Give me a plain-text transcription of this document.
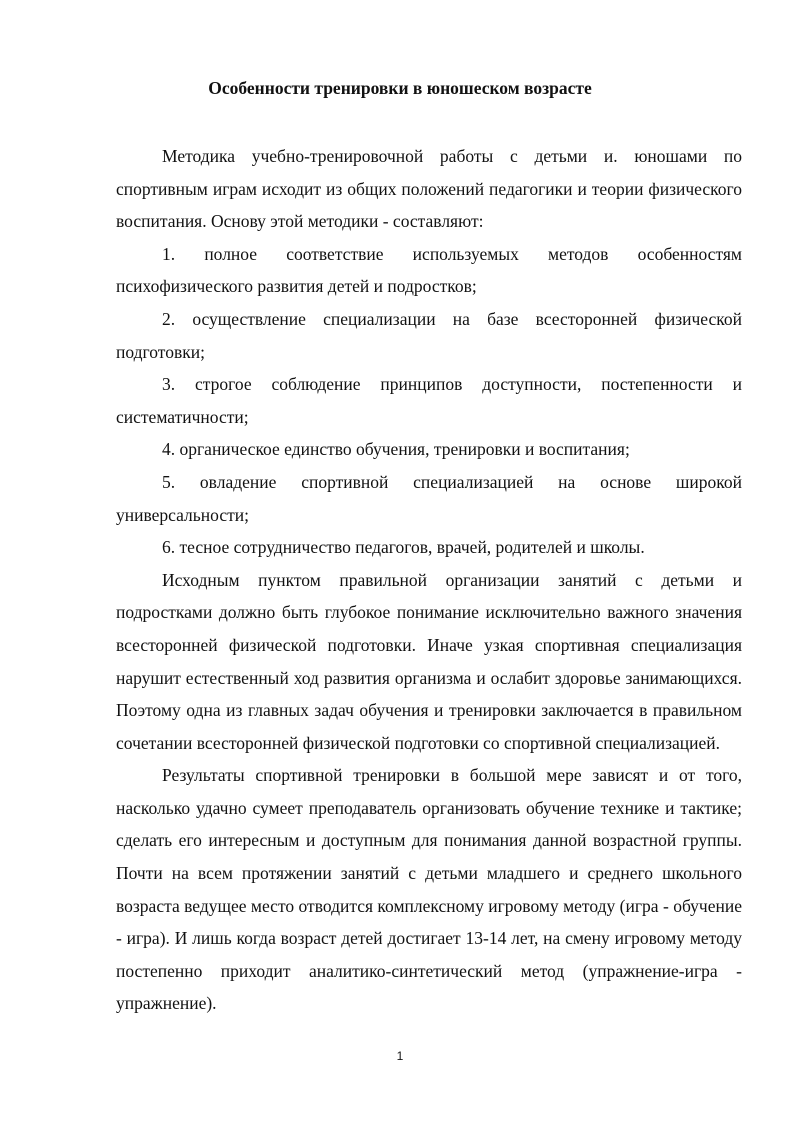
Особенности тренировки в юношеском возрасте

Методика учебно-тренировочной работы с детьми и. юношами по спортивным играм исходит из общих положений педагогики и теории физического воспитания. Основу этой методики - составляют:

1. полное соответствие используемых методов особенностям психофизического развития детей и подростков;

2. осуществление специализации на базе всесторонней физической подготовки;

3. строгое соблюдение принципов доступности, постепенности и систематичности;

4. органическое единство обучения, тренировки и воспитания;

5. овладение спортивной специализацией на основе широкой универсальности;

6. тесное сотрудничество педагогов, врачей, родителей и школы.

Исходным пунктом правильной организации занятий с детьми и подростками должно быть глубокое понимание исключительно важного значения всесторонней физической подготовки. Иначе узкая спортивная специализация нарушит естественный ход развития организма и ослабит здоровье занимающихся. Поэтому одна из главных задач обучения и тренировки заключается в правильном сочетании всесторонней физической подготовки со спортивной специализацией.

Результаты спортивной тренировки в большой мере зависят и от того, насколько удачно сумеет преподаватель организовать обучение технике и тактике; сделать его интересным и доступным для понимания данной возрастной группы. Почти на всем протяжении занятий с детьми младшего и среднего школьного возраста ведущее место отводится комплексному игровому методу (игра - обучение - игра). И лишь когда возраст детей достигает 13-14 лет, на смену игровому методу постепенно приходит аналитико-синтетический метод (упражнение-игра - упражнение).

1
